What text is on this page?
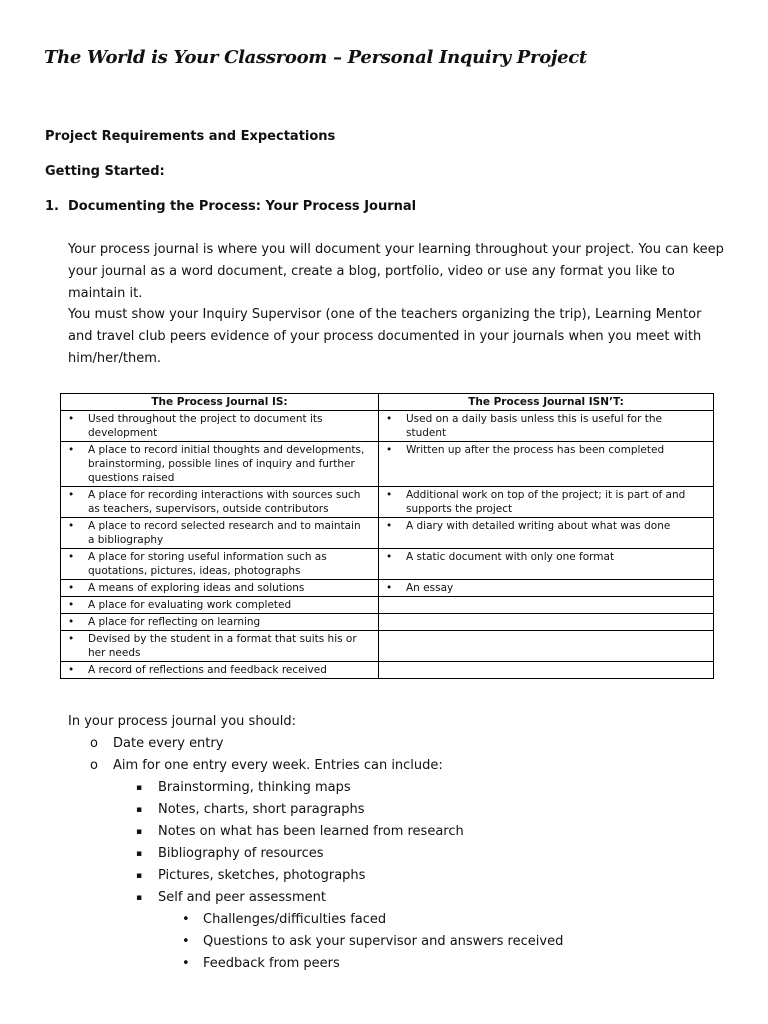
The World is Your Classroom – Personal Inquiry Project
Project Requirements and Expectations
Getting Started:
1. Documenting the Process: Your Process Journal
Your process journal is where you will document your learning throughout your project. You can keep your journal as a word document, create a blog, portfolio, video or use any format you like to maintain it.
You must show your Inquiry Supervisor (one of the teachers organizing the trip), Learning Mentor and travel club peers evidence of your process documented in your journals when you meet with him/her/them.
The Process Journal IS:	The Process Journal ISN’T:
• Used throughout the project to document its development	• Used on a daily basis unless this is useful for the student
• A place to record initial thoughts and developments, brainstorming, possible lines of inquiry and further questions raised	• Written up after the process has been completed
• A place for recording interactions with sources such as teachers, supervisors, outside contributors	• Additional work on top of the project; it is part of and supports the project
• A place to record selected research and to maintain a bibliography	• A diary with detailed writing about what was done
• A place for storing useful information such as quotations, pictures, ideas, photographs	• A static document with only one format
• A means of exploring ideas and solutions	• An essay
• A place for evaluating work completed	
• A place for reflecting on learning	
• Devised by the student in a format that suits his or her needs	
• A record of reflections and feedback received	
In your process journal you should:
o Date every entry
o Aim for one entry every week. Entries can include:
▪ Brainstorming, thinking maps
▪ Notes, charts, short paragraphs
▪ Notes on what has been learned from research
▪ Bibliography of resources
▪ Pictures, sketches, photographs
▪ Self and peer assessment
• Challenges/difficulties faced
• Questions to ask your supervisor and answers received
• Feedback from peers
